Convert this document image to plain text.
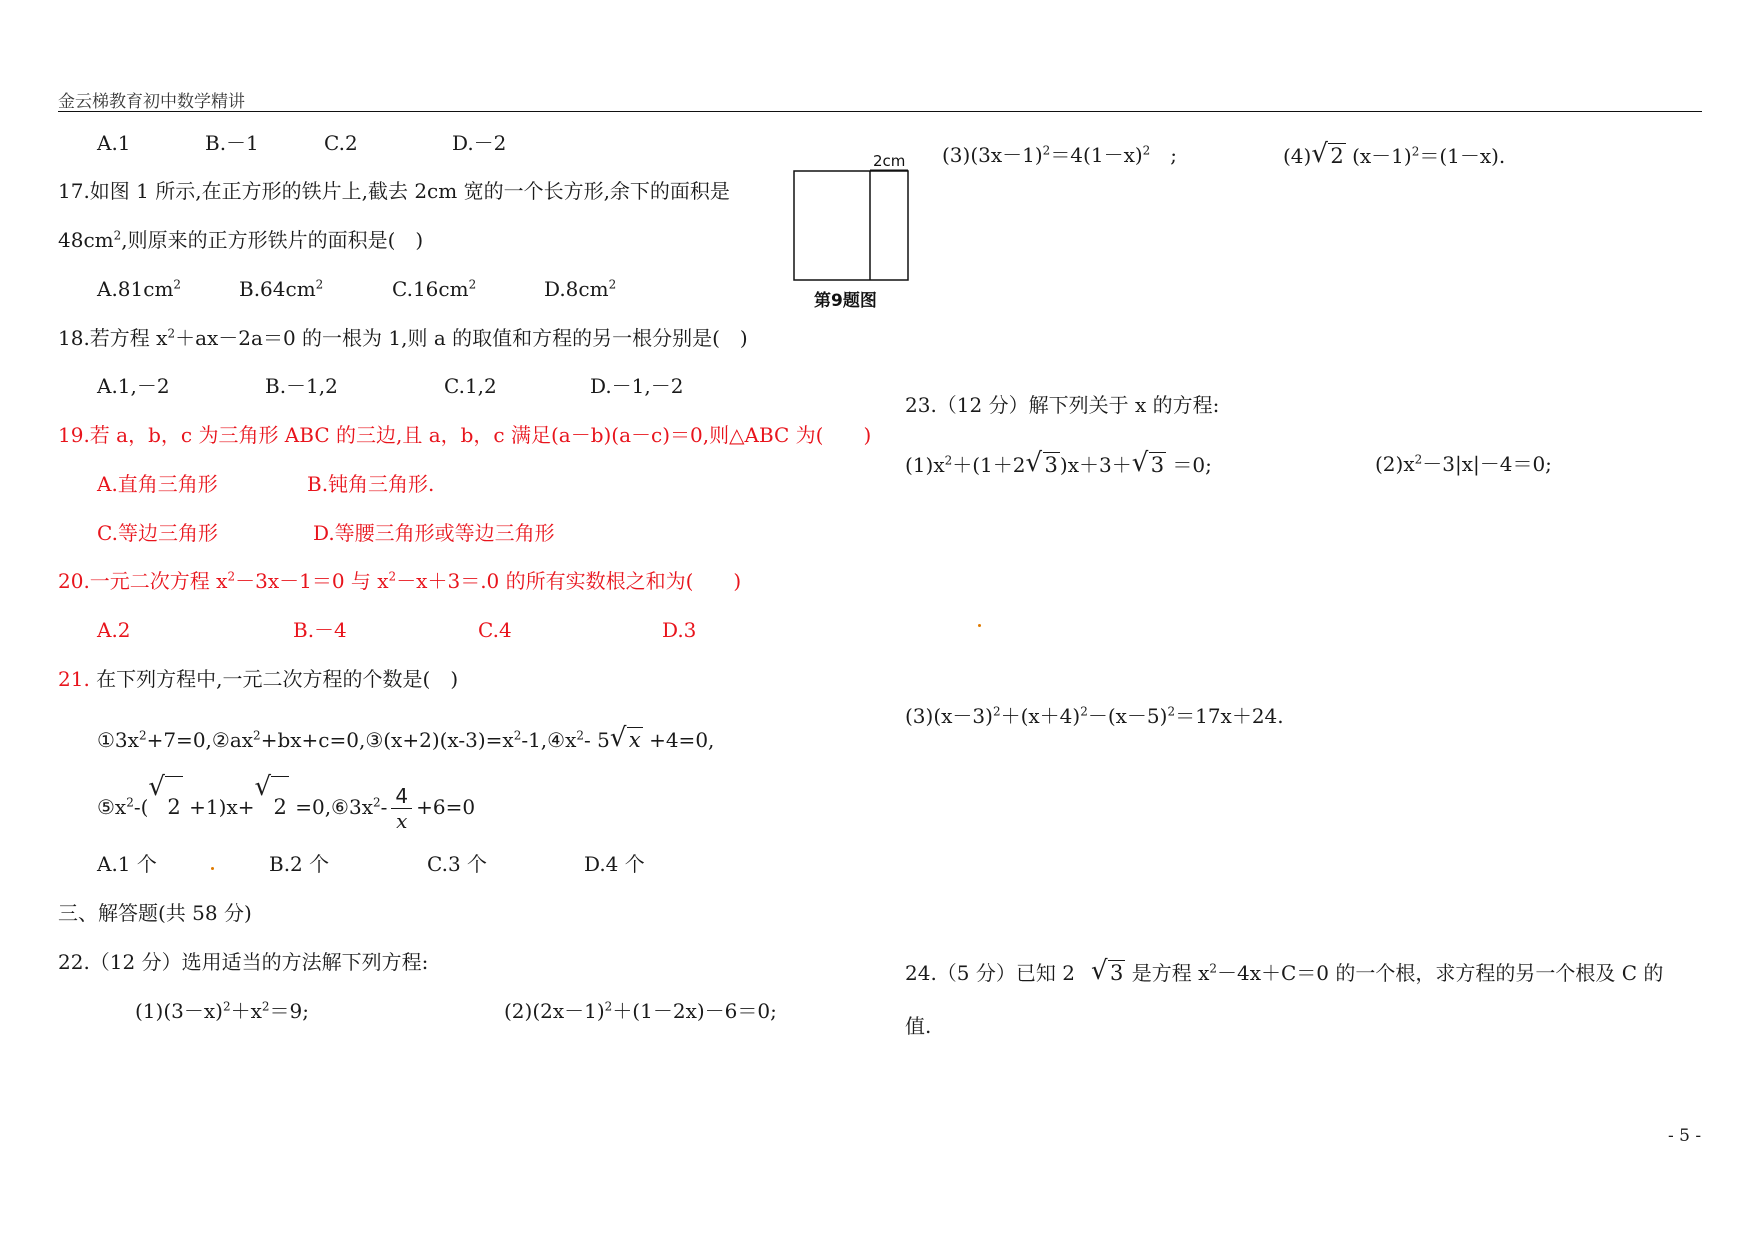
金云梯教育初中数学精讲
A.1	B.－1	C.2	D.－2
17.如图 1 所示,在正方形的铁片上,截去 2cm 宽的一个长方形,余下的面积是
$48cm^2$,则原来的正方形铁片的面积是(　)
$A.81cm^2$	$B.64cm^2$	$C.16cm^2$	$D.8cm^2$
2cm
第9题图
18.若方程 $x^2+ax-2a=0$ 的一根为 1,则 a 的取值和方程的另一根分别是(　)
A.1,－2	B.－1,2	C.1,2	D.－1,－2
19.若 a，b，c 为三角形 ABC 的三边,且 a，b，c 满足(a－b)(a－c)＝0,则△ABC 为(　　)
A.直角三角形	B.钝角三角形.
C.等边三角形	D.等腰三角形或等边三角形
20.一元二次方程 $x^2-3x-1=0$ 与 $x^2-x+3=.0$ 的所有实数根之和为(　　)
A.2	B.－4	C.4	D.3
21. 在下列方程中,一元二次方程的个数是(　)
$①3x^2+7=0,②ax^2+bx+c=0,③(x+2)(x-3)=x^2-1,④x^2-$ 5√ x +4=0,
$⑤x^2-(√$ 2 +1)x+√ $2 =0,⑥3x^2- \frac{4}{x} +6=0$
A.1 个	B.2 个	C.3 个	D.4 个
三、解答题(共 58 分)
22.（12 分）选用适当的方法解下列方程:
$(1)(3-x)^2+x^2=9$;	$(2)(2x-1)^2+(1-2x)-6=0$;
$(3)(3x-1)^2=4(1-x)^2$　;	(4)√ 2 $(x-1)^2=(1-x)$.
23.（12 分）解下列关于 x 的方程:
$(1)x^2+(1+2√$ 3 )x＋3＋√ 3 ＝0;	$(2)x^2-3|x|-4=0$;
$(3)(x-3)^2+(x+4)^2-(x-5)^2=17x+24$.
24.（5 分）已知 2√ 3 是方程 $x^2-4x+C=0$ 的一个根，求方程的另一个根及 C 的
值.
- 5 -
